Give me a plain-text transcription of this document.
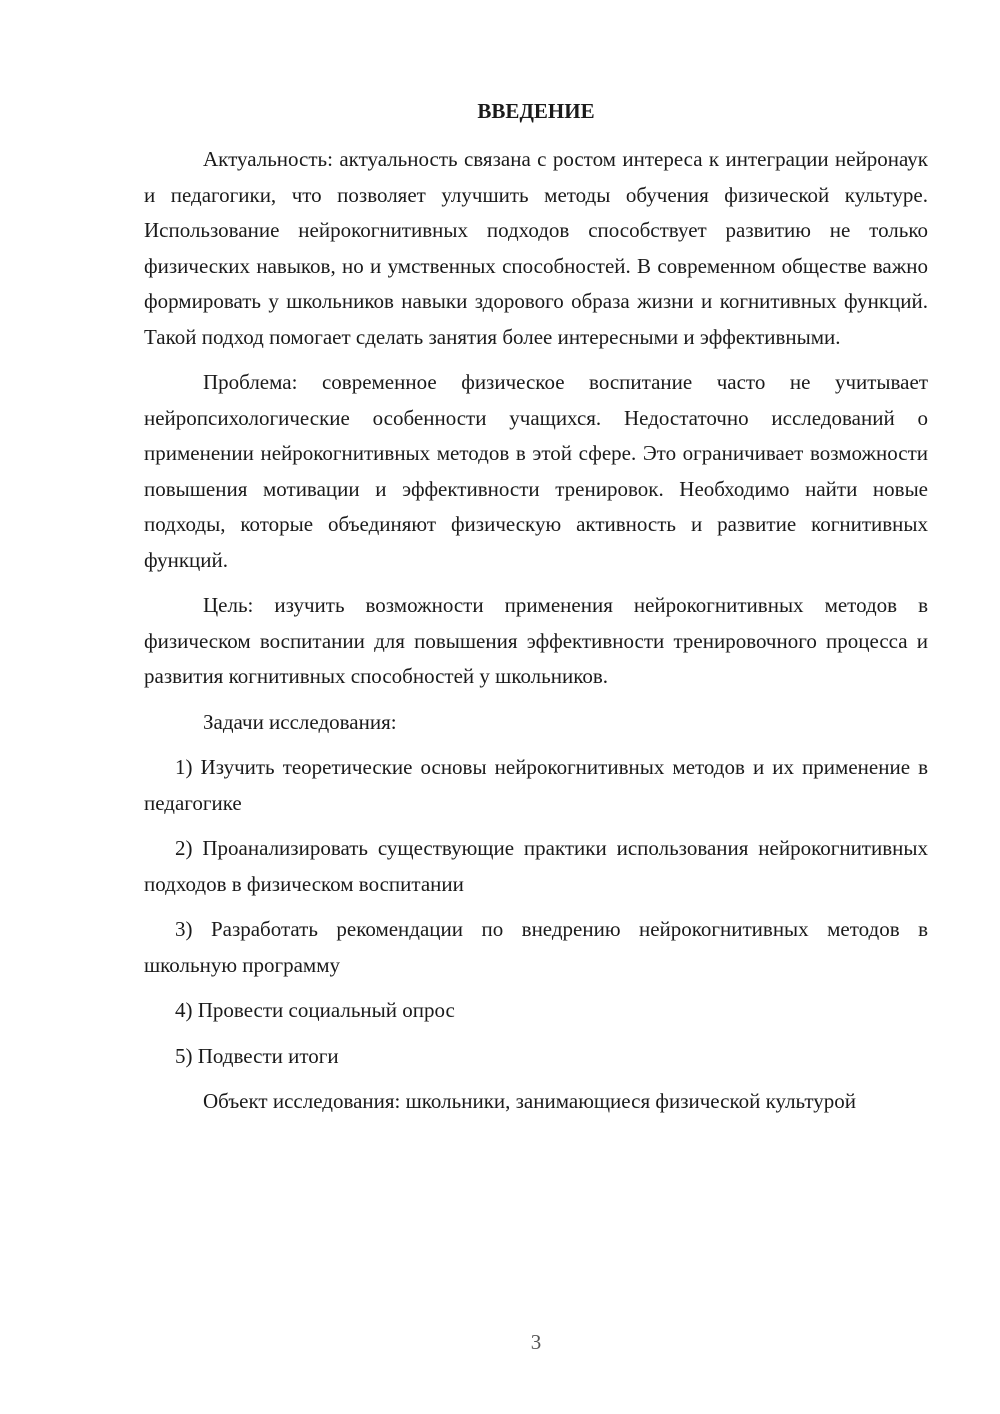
ВВЕДЕНИЕ

Актуальность: актуальность связана с ростом интереса к интеграции нейронаук и педагогики, что позволяет улучшить методы обучения физической культуре. Использование нейрокогнитивных подходов способствует развитию не только физических навыков, но и умственных способностей. В современном обществе важно формировать у школьников навыки здорового образа жизни и когнитивных функций. Такой подход помогает сделать занятия более интересными и эффективными.

Проблема: современное физическое воспитание часто не учитывает нейропсихологические особенности учащихся. Недостаточно исследований о применении нейрокогнитивных методов в этой сфере. Это ограничивает возможности повышения мотивации и эффективности тренировок. Необходимо найти новые подходы, которые объединяют физическую активность и развитие когнитивных функций.

Цель: изучить возможности применения нейрокогнитивных методов в физическом воспитании для повышения эффективности тренировочного процесса и развития когнитивных способностей у школьников.

Задачи исследования:

1) Изучить теоретические основы нейрокогнитивных методов и их применение в педагогике

2) Проанализировать существующие практики использования нейрокогнитивных подходов в физическом воспитании

3) Разработать рекомендации по внедрению нейрокогнитивных методов в школьную программу

4) Провести социальный опрос

5) Подвести итоги

Объект исследования: школьники, занимающиеся физической культурой

3
